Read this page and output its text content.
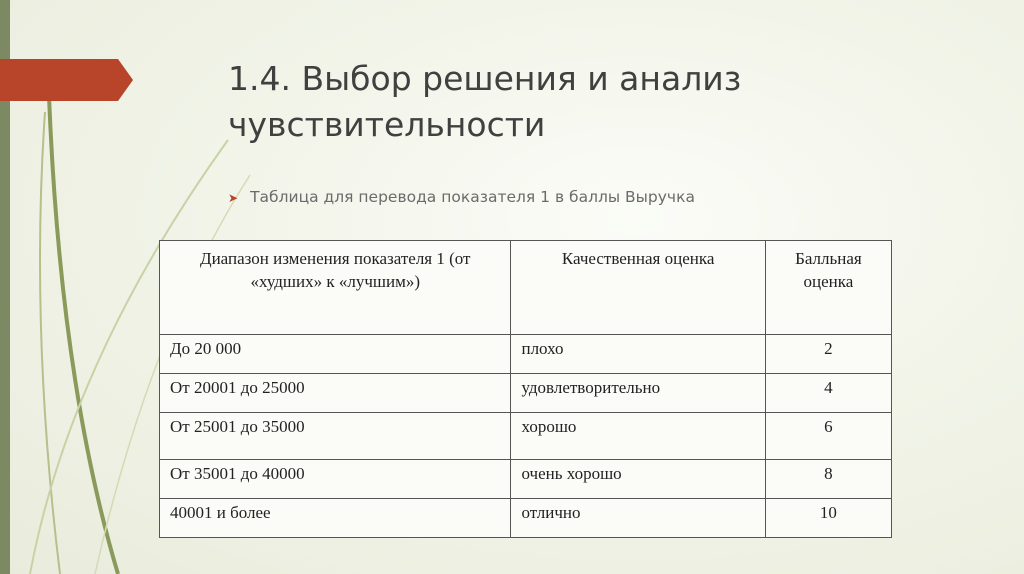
1.4. Выбор решения и анализ
чувствительности
➤ Таблица для перевода показателя 1 в баллы Выручка
Диапазон изменения показателя 1 (от «худших» к «лучшим»)	Качественная оценка	Балльная оценка
До 20 000	плохо	2
От 20001 до 25000	удовлетворительно	4
От 25001 до 35000	хорошо	6
От 35001 до 40000	очень хорошо	8
40001 и более	отлично	10
